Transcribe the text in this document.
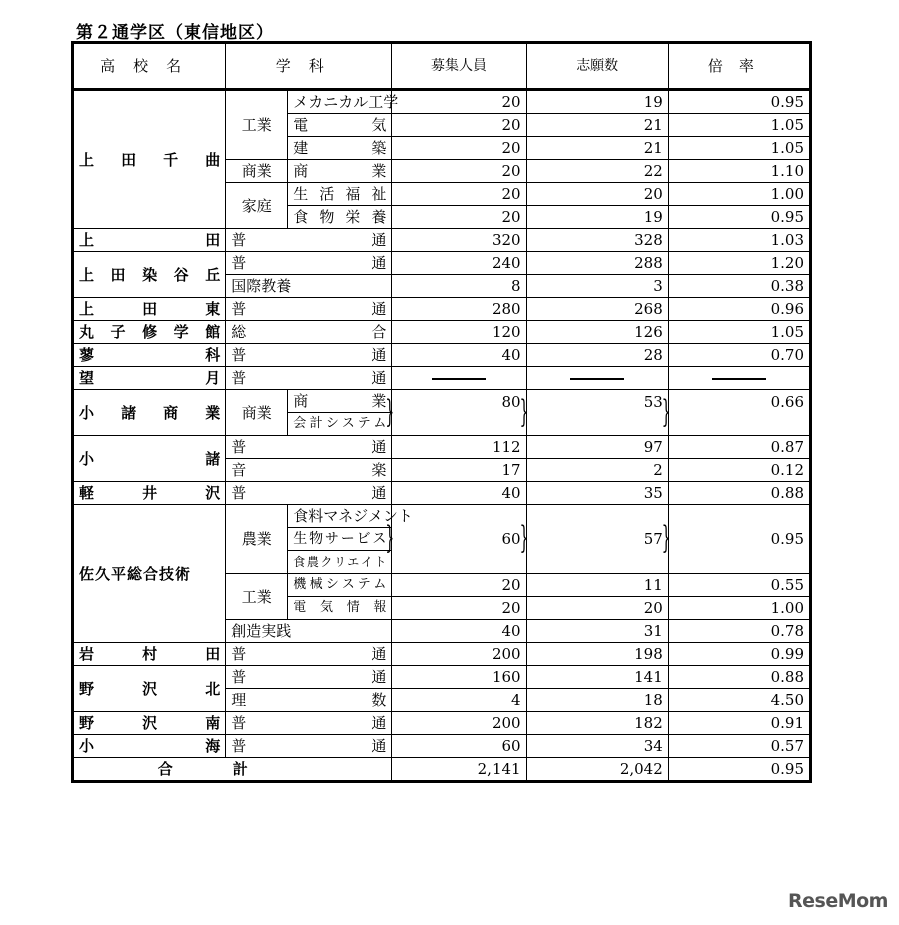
第２通学区（東信地区）
高校名	学科		募集人員	志願数	倍率
上田千曲	工業	メカニカル工学	20	19	0.95
		電気	20	21	1.05
		建築	20	21	1.05
	商業	商業	20	22	1.10
	家庭	生活福祉	20	20	1.00
		食物栄養	20	19	0.95
上田	普通		320	328	1.03
上田染谷丘	普通		240	288	1.20
	国際教養		8	3	0.38
上田東	普通		280	268	0.96
丸子修学館	総合		120	126	1.05
蓼科	普通		40	28	0.70
望月	普通				
小諸商業	商業	商業	} 80	} 53	} 0.66
		会計システム			
小諸	普通		112	97	0.87
	音楽		17	2	0.12
軽井沢	普通		40	35	0.88
佐久平総合技術	農業	食料マネジメント	} 60	} 57	} 0.95
		生物サービス			
		食農クリエイト			
	工業	機械システム	20	11	0.55
		電気情報	20	20	1.00
	創造実践		40	31	0.78
岩村田	普通		200	198	0.99
野沢北	普通		160	141	0.88
	理数		4	18	4.50
野沢南	普通		200	182	0.91
小海	普通		60	34	0.57
合計			2,141	2,042	0.95
ReseMom
